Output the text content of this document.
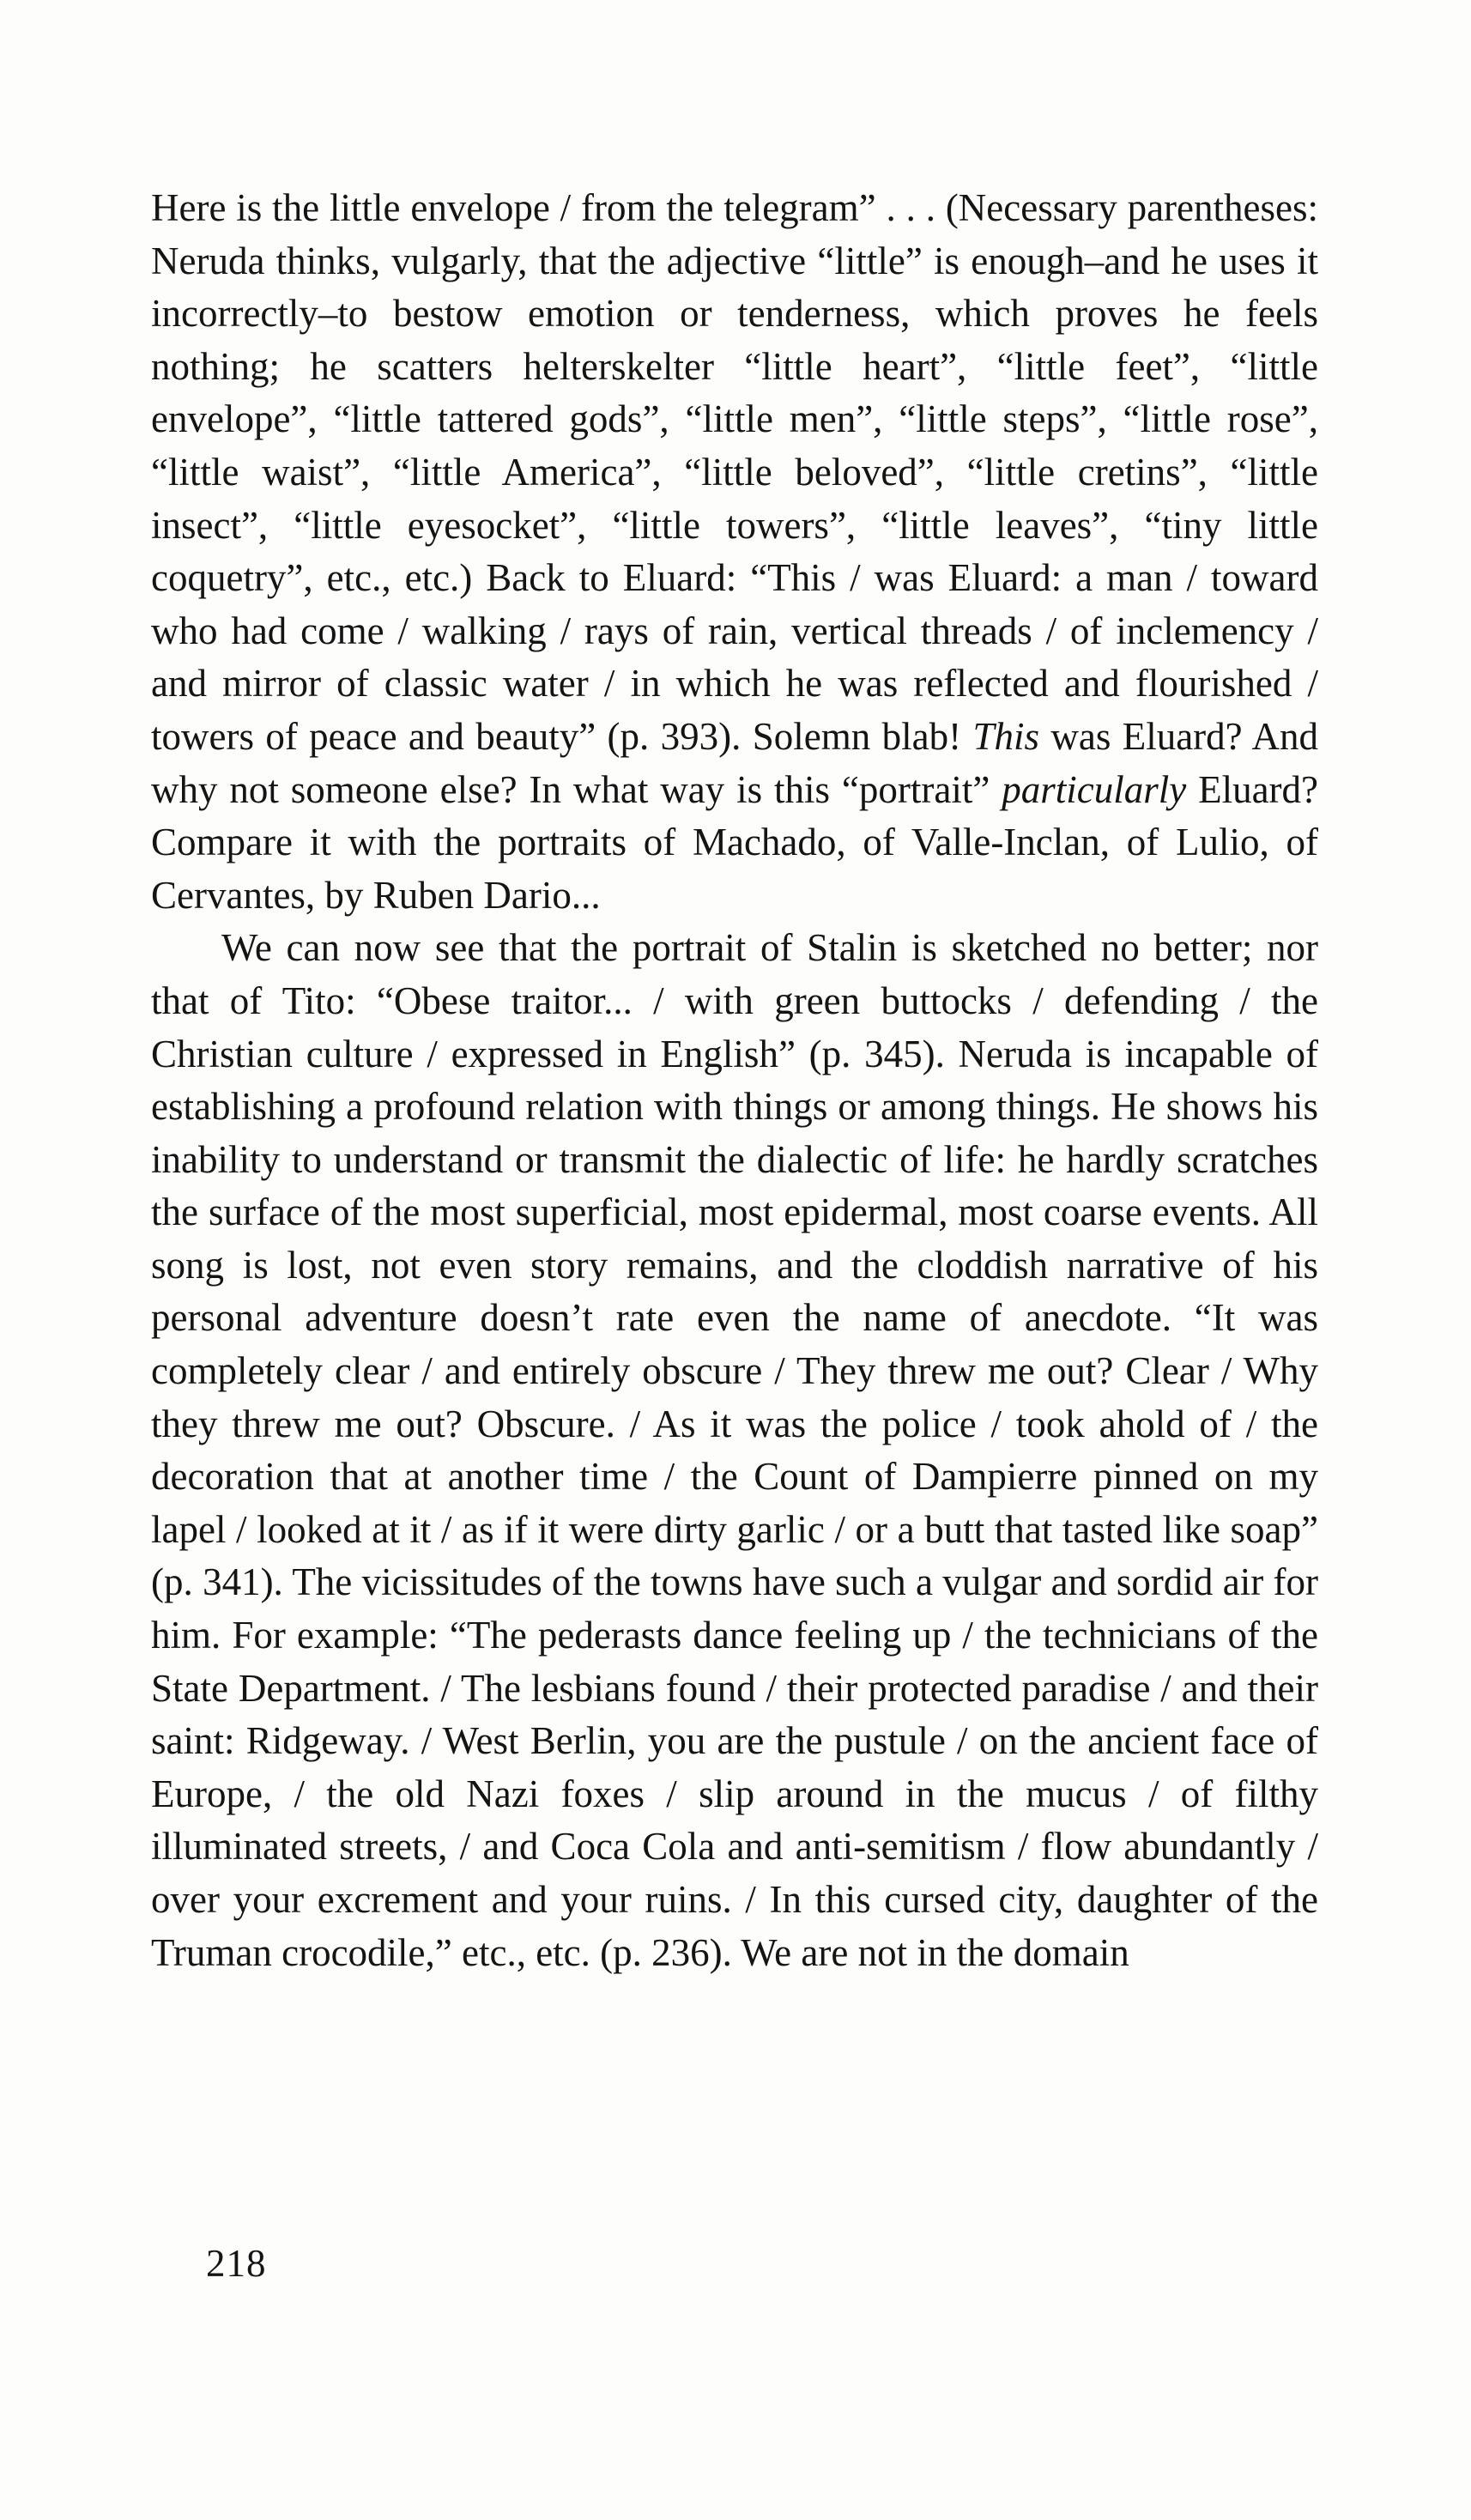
Here is the little envelope / from the telegram” . . . (Necessary parentheses: Neruda thinks, vulgarly, that the adjective “little” is enough–and he uses it incorrectly–to bestow emotion or tenderness, which proves he feels nothing; he scatters helterskelter “little heart”, “little feet”, “little envelope”, “little tattered gods”, “little men”, “little steps”, “little rose”, “little waist”, “little America”, “little beloved”, “little cretins”, “little insect”, “little eyesocket”, “little towers”, “little leaves”, “tiny little coquetry”, etc., etc.) Back to Eluard: “This / was Eluard: a man / toward who had come / walking / rays of rain, vertical threads / of inclemency / and mirror of classic water / in which he was reflected and flourished / towers of peace and beauty” (p. 393). Solemn blab! This was Eluard? And why not someone else? In what way is this “portrait” particularly Eluard? Compare it with the portraits of Machado, of Valle-Inclan, of Lulio, of Cervantes, by Ruben Dario...

We can now see that the portrait of Stalin is sketched no better; nor that of Tito: “Obese traitor... / with green buttocks / defending / the Christian culture / expressed in English” (p. 345). Neruda is incapable of establishing a profound relation with things or among things. He shows his inability to understand or transmit the dialectic of life: he hardly scratches the surface of the most superficial, most epidermal, most coarse events. All song is lost, not even story remains, and the cloddish narrative of his personal adventure doesn’t rate even the name of anecdote. “It was completely clear / and entirely obscure / They threw me out? Clear / Why they threw me out? Obscure. / As it was the police / took ahold of / the decoration that at another time / the Count of Dampierre pinned on my lapel / looked at it / as if it were dirty garlic / or a butt that tasted like soap” (p. 341). The vicissitudes of the towns have such a vulgar and sordid air for him. For example: “The pederasts dance feeling up / the technicians of the State Department. / The lesbians found / their protected paradise / and their saint: Ridgeway. / West Berlin, you are the pustule / on the ancient face of Europe, / the old Nazi foxes / slip around in the mucus / of filthy illuminated streets, / and Coca Cola and anti-semitism / flow abundantly / over your excrement and your ruins. / In this cursed city, daughter of the Truman crocodile,” etc., etc. (p. 236). We are not in the domain

218
